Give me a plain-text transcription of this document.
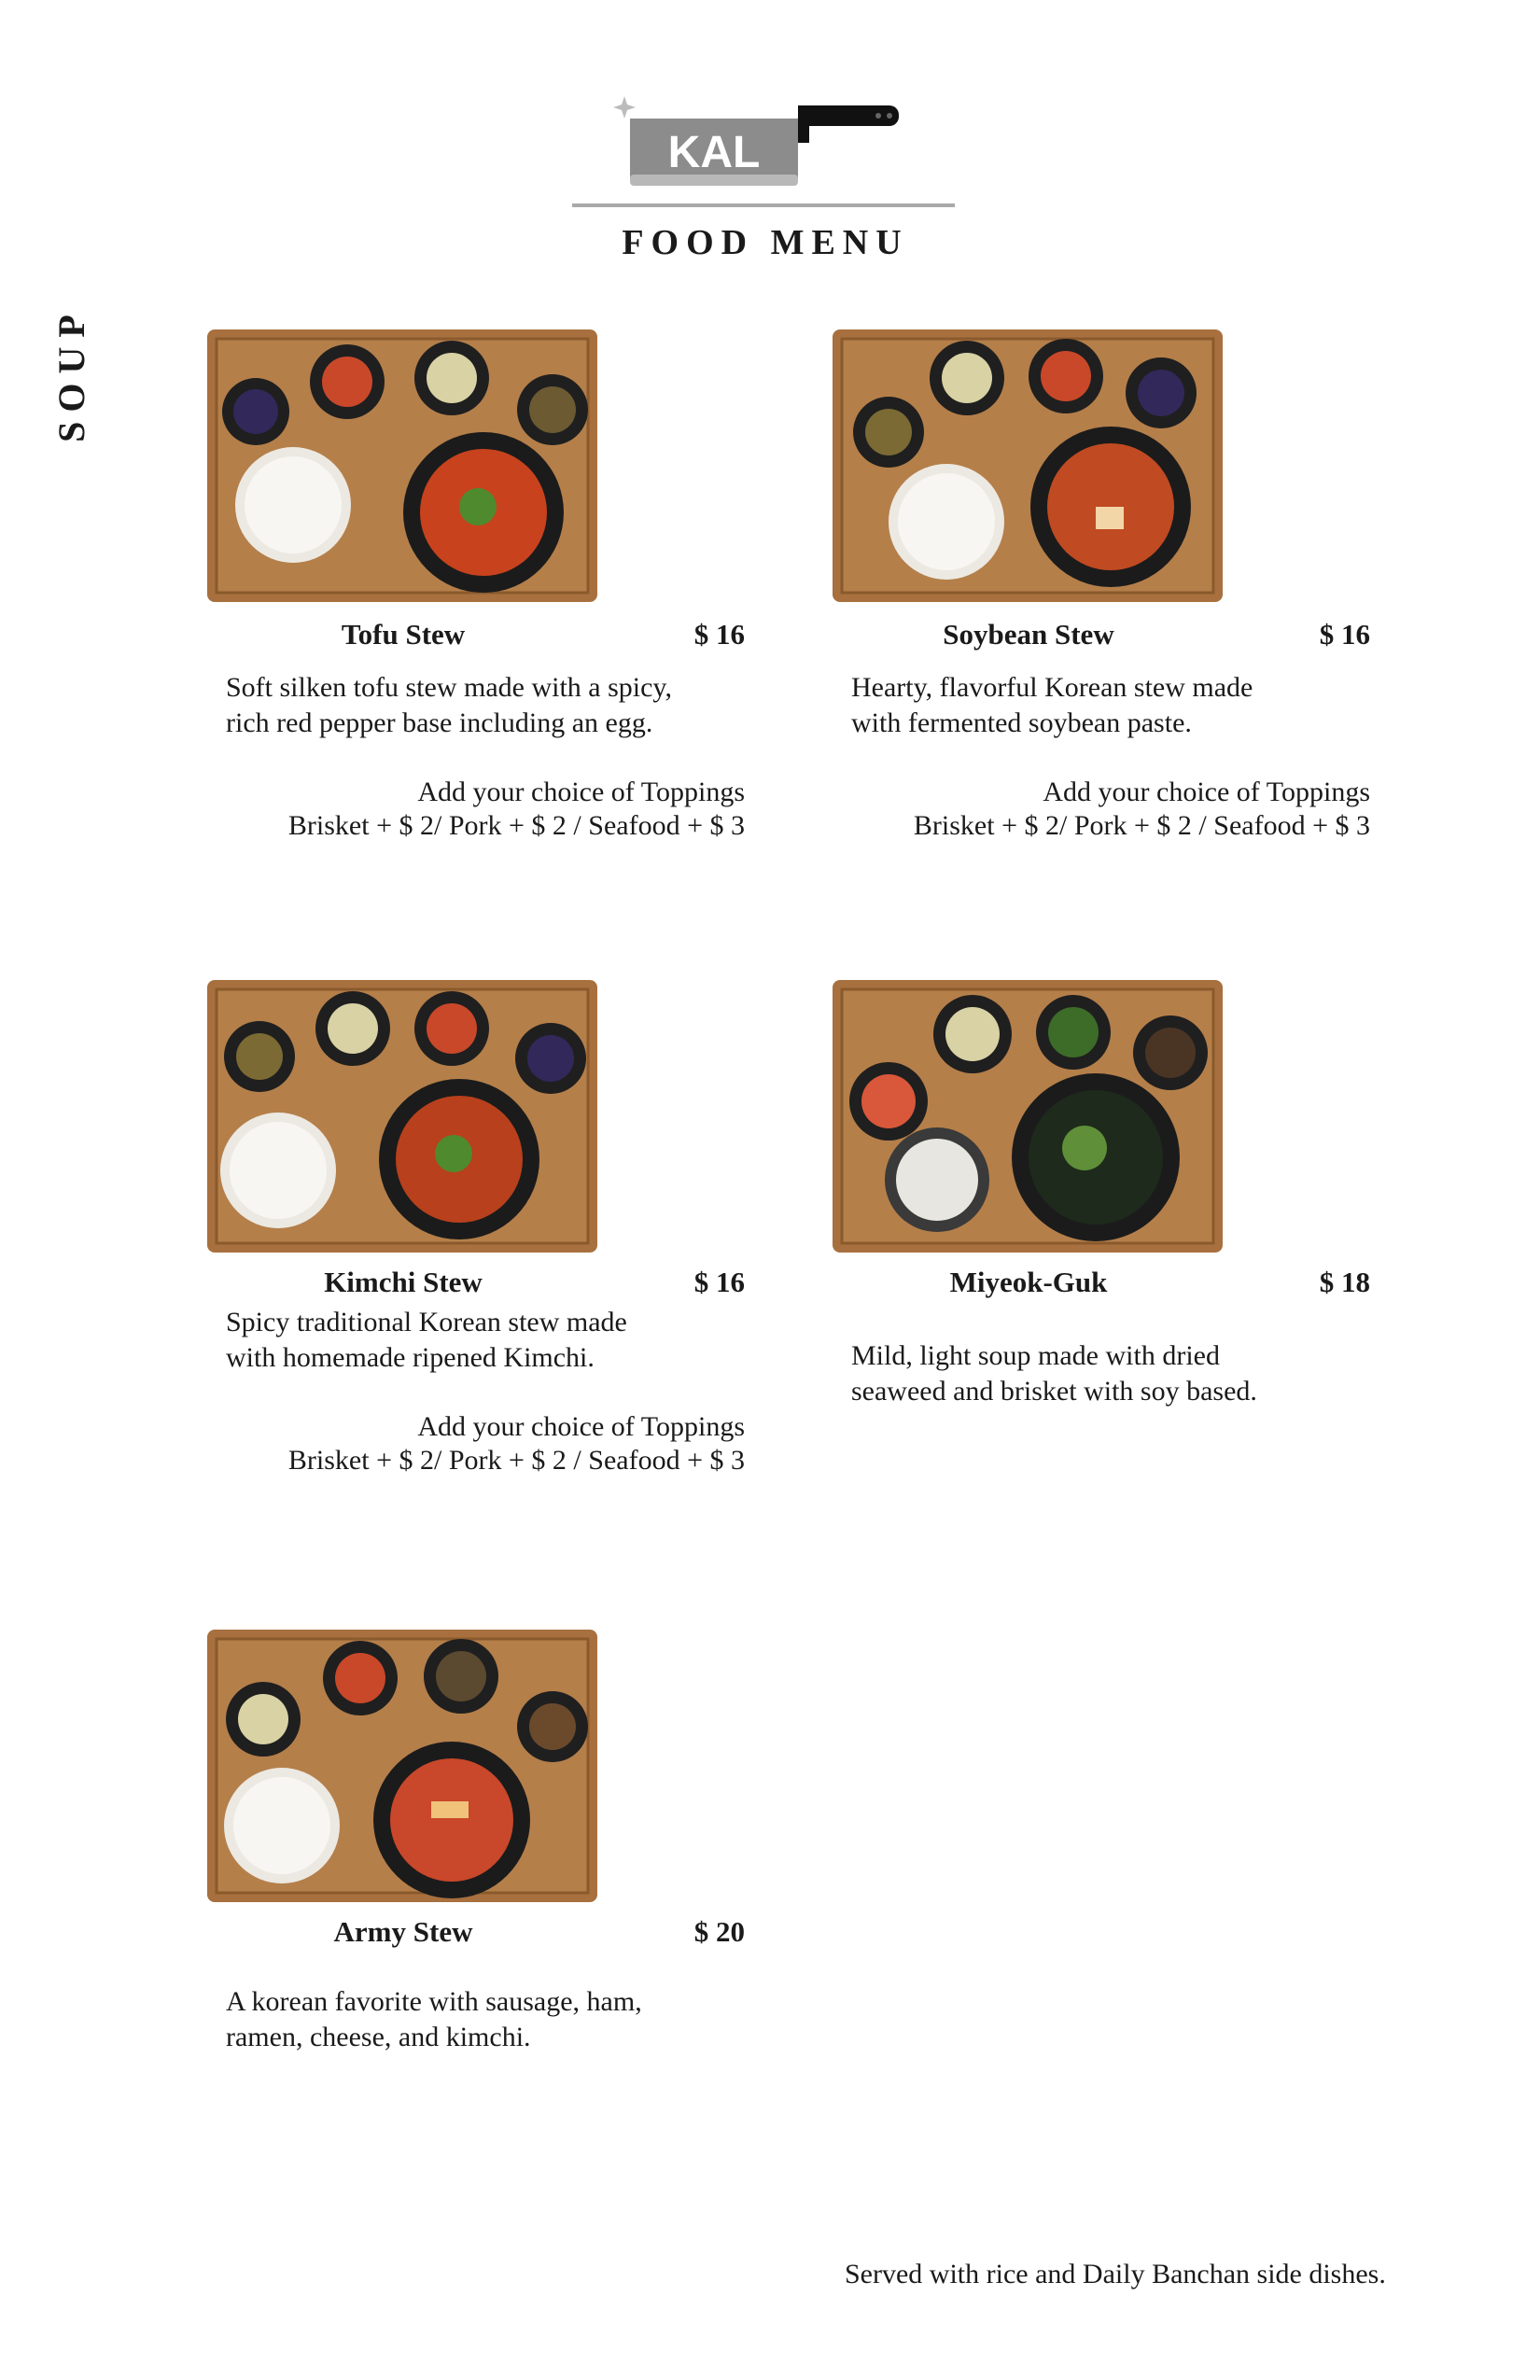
KAL
FOOD MENU
SOUP
Tofu Stew	$ 16
Soft silken tofu stew made with a spicy,
rich red pepper base including an egg.
Add your choice of Toppings
Brisket + $ 2/ Pork + $ 2 / Seafood + $ 3
Soybean Stew	$ 16
Hearty, flavorful Korean stew made
with fermented soybean paste.
Add your choice of Toppings
Brisket + $ 2/ Pork + $ 2 / Seafood + $ 3
Kimchi Stew	$ 16
Spicy traditional Korean stew made
with homemade ripened Kimchi.
Add your choice of Toppings
Brisket + $ 2/ Pork + $ 2 / Seafood + $ 3
Miyeok-Guk	$ 18
Mild, light soup made with dried
seaweed and brisket with soy based.
Army Stew	$ 20
A korean favorite with sausage, ham,
ramen, cheese, and kimchi.
Served with rice and Daily Banchan side dishes.
